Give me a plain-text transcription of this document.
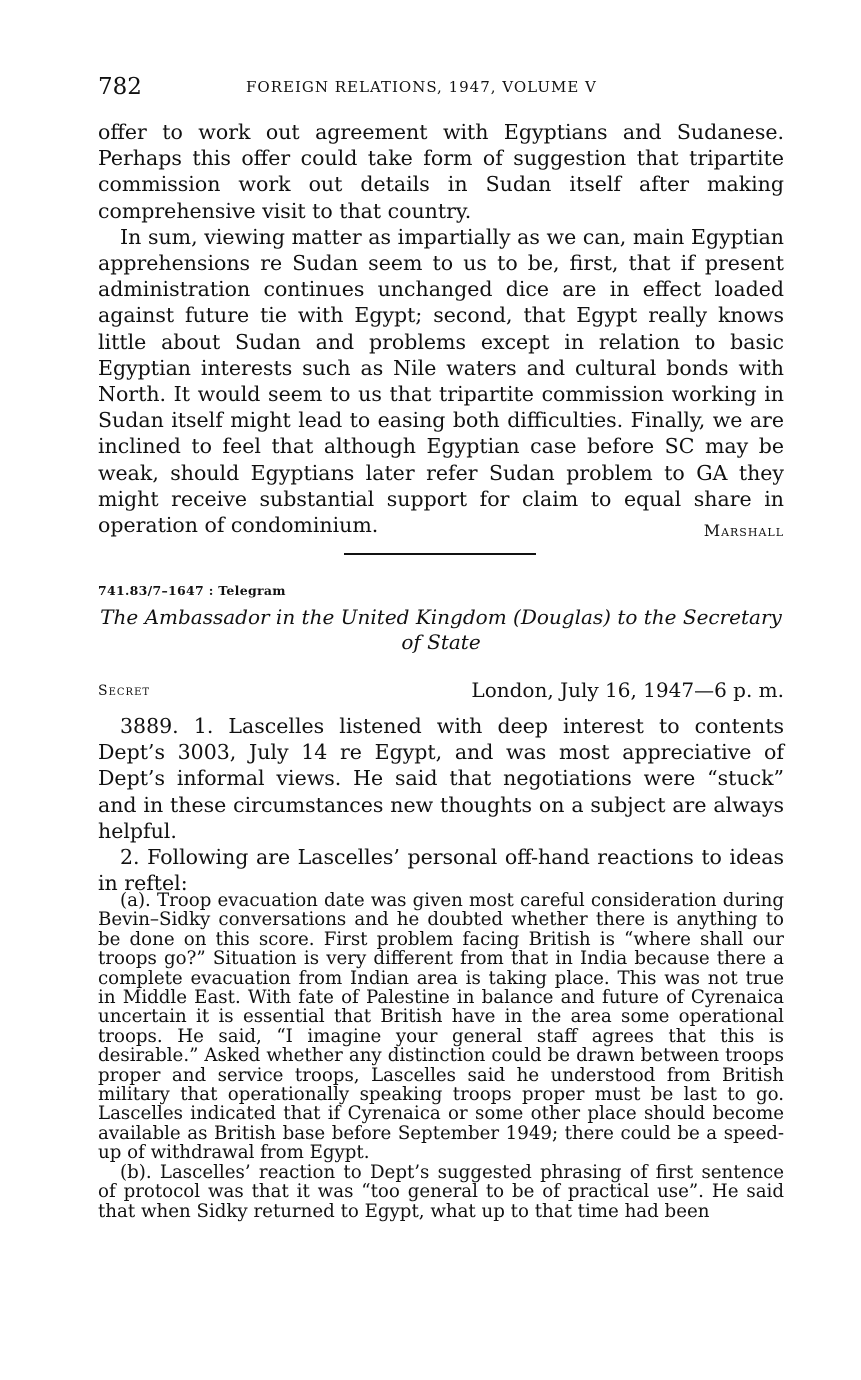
782	FOREIGN RELATIONS, 1947, VOLUME V

offer to work out agreement with Egyptians and Sudanese. Perhaps this offer could take form of suggestion that tripartite commission work out details in Sudan itself after making comprehensive visit to that country.

In sum, viewing matter as impartially as we can, main Egyptian apprehensions re Sudan seem to us to be, first, that if present administration continues unchanged dice are in effect loaded against future tie with Egypt; second, that Egypt really knows little about Sudan and problems except in relation to basic Egyptian interests such as Nile waters and cultural bonds with North. It would seem to us that tripartite commission working in Sudan itself might lead to easing both difficulties. Finally, we are inclined to feel that although Egyptian case before SC may be weak, should Egyptians later refer Sudan problem to GA they might receive substantial support for claim to equal share in operation of condominium.	Marshall
741.83/7–1647 : Telegram
The Ambassador in the United Kingdom (Douglas) to the Secretary
of State
Secret	London, July 16, 1947—6 p. m.

3889. 1. Lascelles listened with deep interest to contents Dept’s 3003, July 14 re Egypt, and was most appreciative of Dept’s informal views. He said that negotiations were “stuck” and in these circumstances new thoughts on a subject are always helpful.

2. Following are Lascelles’ personal off-hand reactions to ideas in reftel:

(a). Troop evacuation date was given most careful consideration during Bevin–Sidky conversations and he doubted whether there is anything to be done on this score. First problem facing British is “where shall our troops go?” Situation is very different from that in India because there a complete evacuation from Indian area is taking place. This was not true in Middle East. With fate of Palestine in balance and future of Cyrenaica uncertain it is essential that British have in the area some operational troops. He said, “I imagine your general staff agrees that this is desirable.” Asked whether any distinction could be drawn between troops proper and service troops, Lascelles said he understood from British military that operationally speaking troops proper must be last to go. Lascelles indicated that if Cyrenaica or some other place should become available as British base before September 1949; there could be a speed-up of withdrawal from Egypt.

(b). Lascelles’ reaction to Dept’s suggested phrasing of first sentence of protocol was that it was “too general to be of practical use”. He said that when Sidky returned to Egypt, what up to that time had been
